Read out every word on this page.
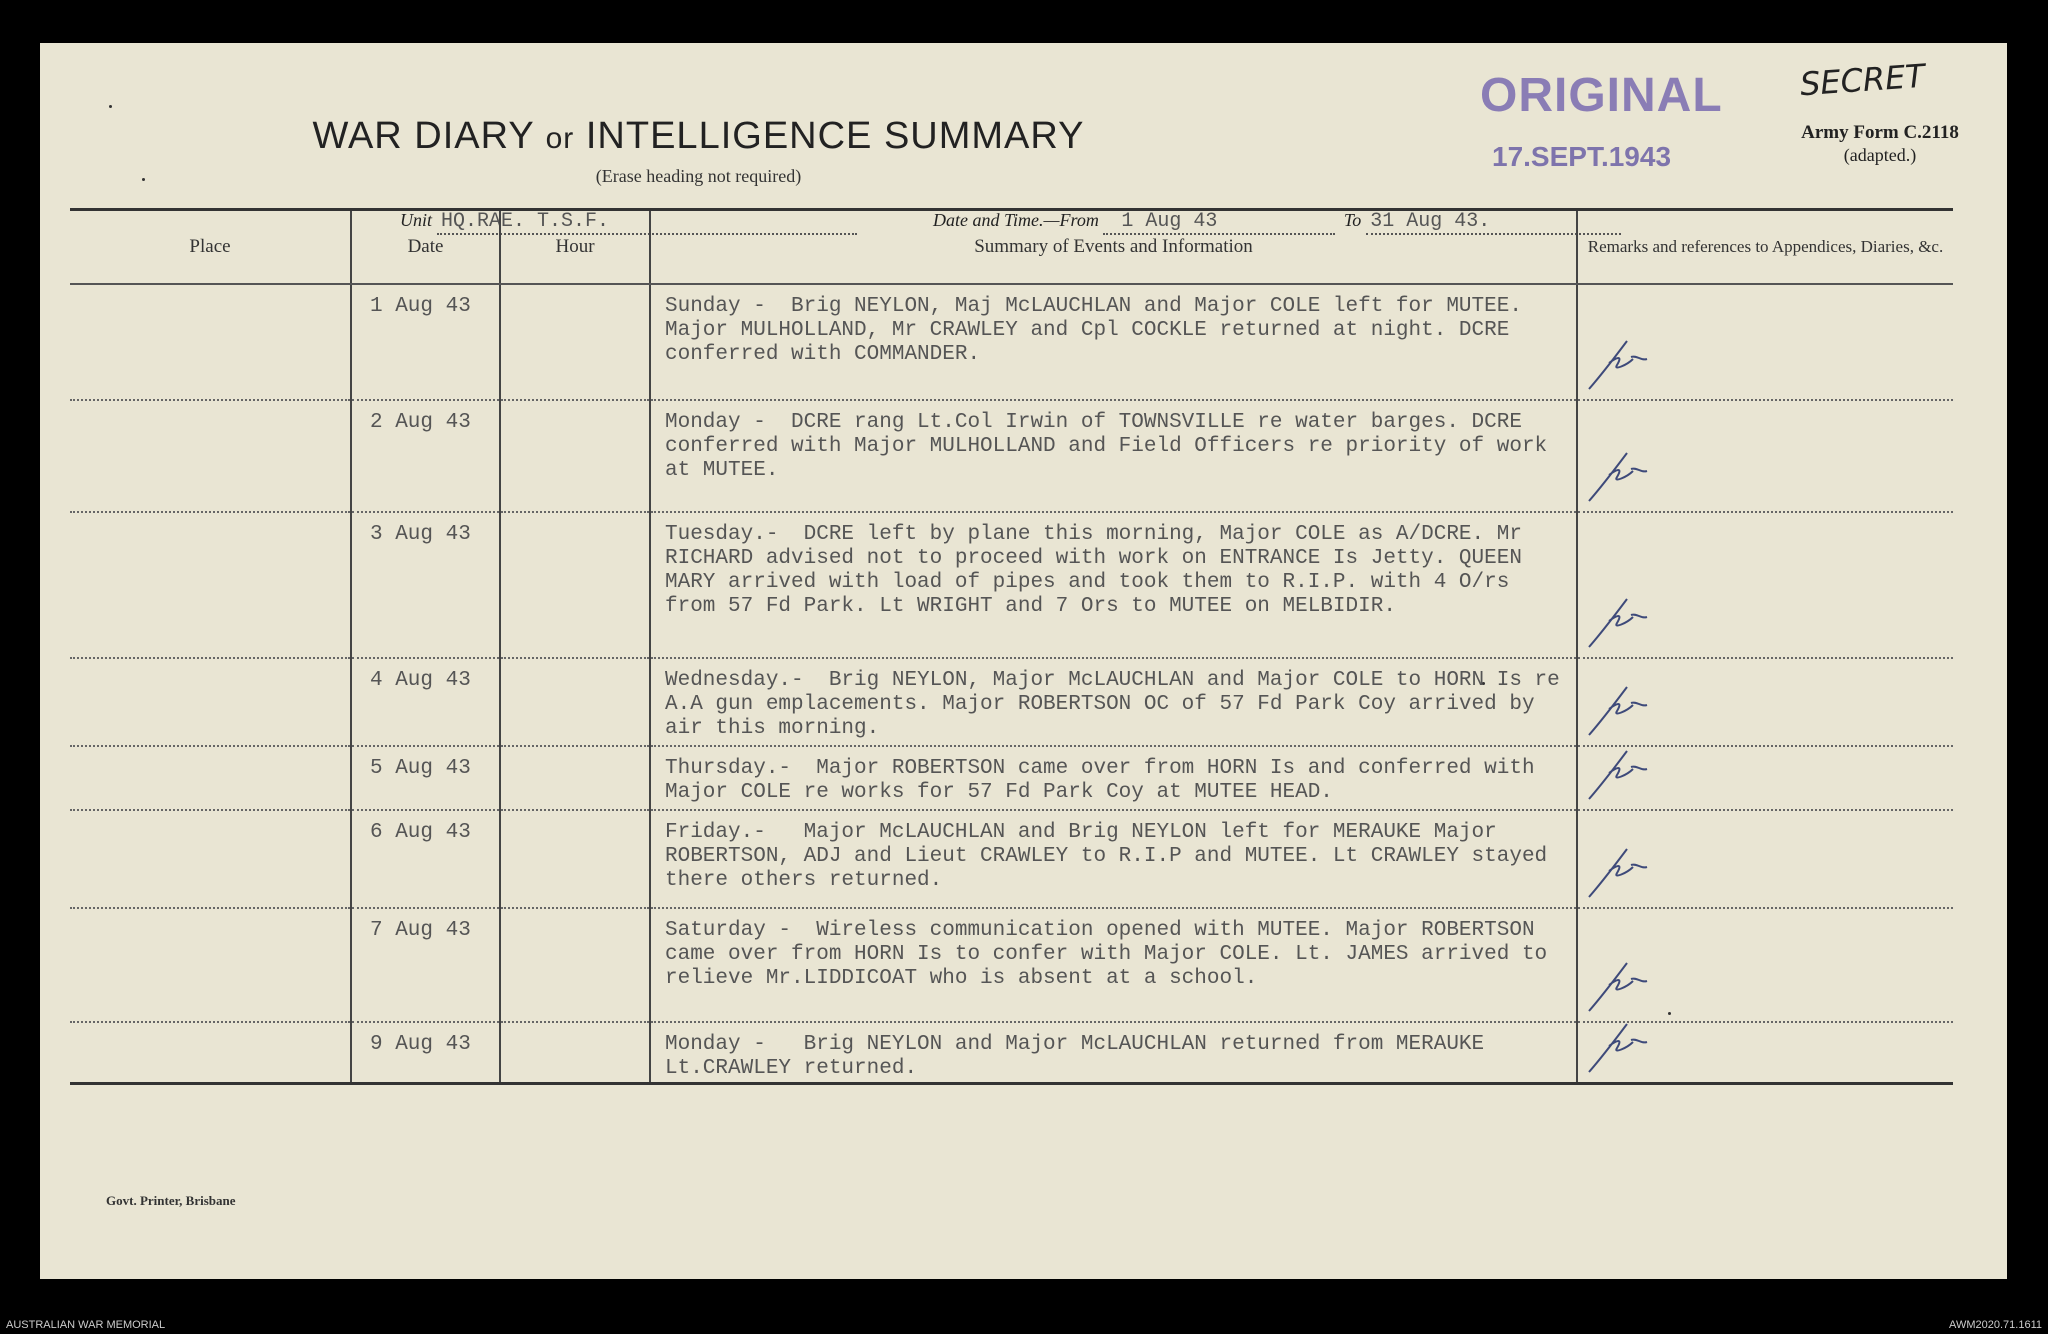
WAR DIARY or INTELLIGENCE SUMMARY
(Erase heading not required)
ORIGINAL
17.SEPT.1943
SECRET
Army Form C.2118
(adapted.)
Unit HQ.RAE. T.S.F.	Date and Time.—From 1 Aug 43	To 31 Aug 43.
Govt. Printer, Brisbane
Place	Date	Hour	Summary of Events and Information	Remarks and references to Appendices, Diaries, &c.
	1 Aug 43		Sunday -  Brig NEYLON, Maj McLAUCHLAN and Major COLE left for MUTEE. Major MULHOLLAND, Mr CRAWLEY and Cpl COCKLE returned at night. DCRE conferred with COMMANDER.	

	2 Aug 43		Monday -  DCRE rang Lt.Col Irwin of TOWNSVILLE re water barges. DCRE conferred with Major MULHOLLAND and Field Officers re priority of work at MUTEE.	

	3 Aug 43		Tuesday.-  DCRE left by plane this morning, Major COLE as A/DCRE. Mr RICHARD advised not to proceed with work on ENTRANCE Is Jetty. QUEEN MARY arrived with load of pipes and took them to R.I.P. with 4 O/rs from 57 Fd Park. Lt WRIGHT and 7 Ors to MUTEE on MELBIDIR.	

	4 Aug 43		Wednesday.-  Brig NEYLON, Major McLAUCHLAN and Major COLE to HORN Is re A.A gun emplacements. Major ROBERTSON OC of 57 Fd Park Coy arrived by air this morning.	

	5 Aug 43		Thursday.-  Major ROBERTSON came over from HORN Is and conferred with Major COLE re works for 57 Fd Park Coy at MUTEE HEAD.	

	6 Aug 43		Friday.-   Major McLAUCHLAN and Brig NEYLON left for MERAUKE Major ROBERTSON, ADJ and Lieut CRAWLEY to R.I.P and MUTEE. Lt CRAWLEY stayed there others returned.	

	7 Aug 43		Saturday -  Wireless communication opened with MUTEE. Major ROBERTSON came over from HORN Is to confer with Major COLE. Lt. JAMES arrived to relieve Mr.LIDDICOAT who is absent at a school.	

	9 Aug 43		Monday -   Brig NEYLON and Major McLAUCHLAN returned from MERAUKE            Lt.CRAWLEY returned.	
AUSTRALIAN WAR MEMORIAL	AWM2020.71.1611
